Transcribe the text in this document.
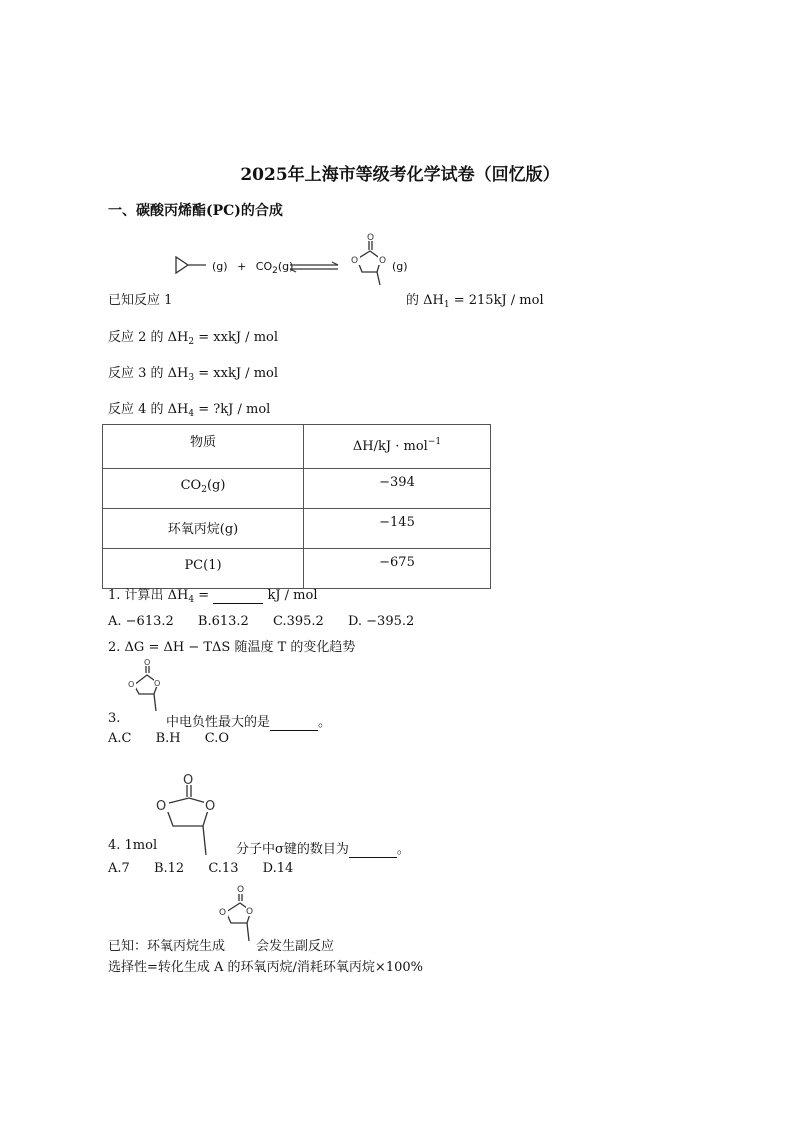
2025年上海市等级考化学试卷（回忆版）
一、碳酸丙烯酯(PC)的合成
$(g) + CO_2(g)$
O
O O (g)
已知反应 1	的 $\Delta H_1 = 215kJ$ / mol
反应 2 的 $\Delta H_2$ = xxkJ / mol
反应 3 的 $\Delta H_3$ = xxkJ / mol
反应 4 的 $\Delta H_4$ = ?kJ / mol
物质	ΔH/kJ · mol$^{-1}$
$CO_2(g)$	−394
环氧丙烷(g)	−145
PC(1)	−675
1. 计算出 $\Delta H_4$ =	kJ / mol
A. −613.2 B.613.2 C.395.2 D. −395.2
2. ΔG = ΔH − TΔS 随温度 T 的变化趋势
O
O O
3.	中电负性最大的是	。
A.C B.H C.O
O
O	O
4. 1mol	分子中σ键的数目为	。
A.7 B.12 C.13 D.14
O
O O
已知：环氧丙烷生成 会发生副反应
选择性=转化生成 A 的环氧丙烷/消耗环氧丙烷×100%
